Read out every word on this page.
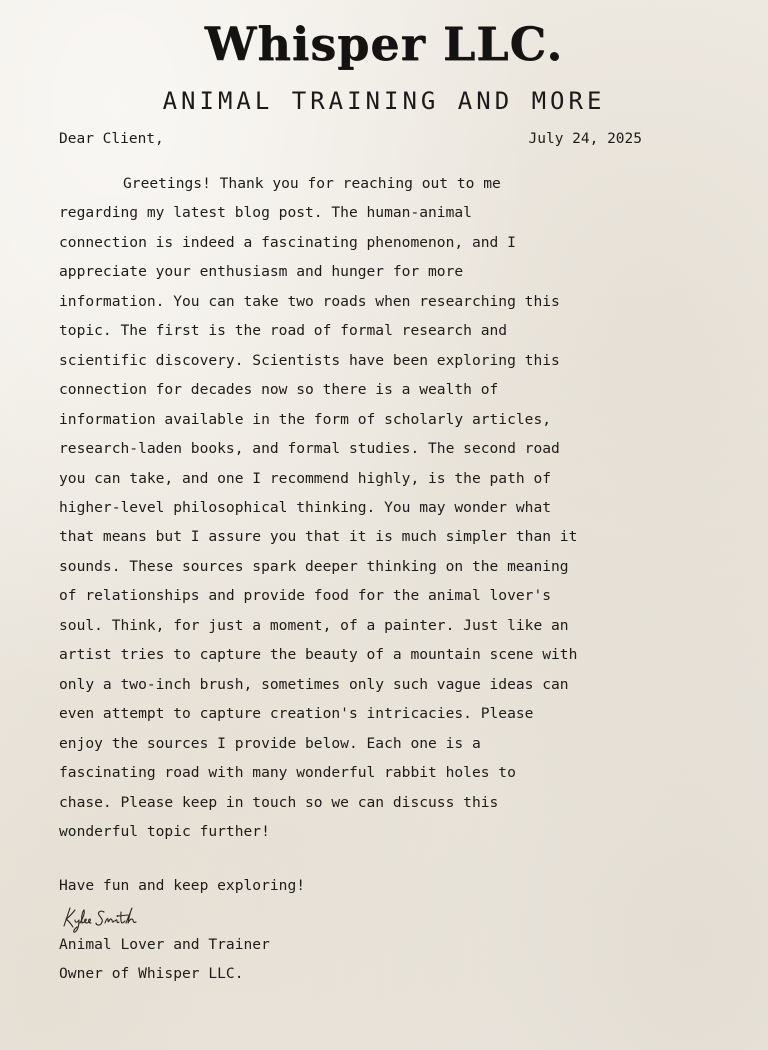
Whisper LLC.
ANIMAL TRAINING AND MORE
Dear Client,	July 24, 2025
Greetings! Thank you for reaching out to me
regarding my latest blog post. The human-animal
connection is indeed a fascinating phenomenon, and I
appreciate your enthusiasm and hunger for more
information. You can take two roads when researching this
topic. The first is the road of formal research and
scientific discovery. Scientists have been exploring this
connection for decades now so there is a wealth of
information available in the form of scholarly articles,
research-laden books, and formal studies. The second road
you can take, and one I recommend highly, is the path of
higher-level philosophical thinking. You may wonder what
that means but I assure you that it is much simpler than it
sounds. These sources spark deeper thinking on the meaning
of relationships and provide food for the animal lover's
soul. Think, for just a moment, of a painter. Just like an
artist tries to capture the beauty of a mountain scene with
only a two-inch brush, sometimes only such vague ideas can
even attempt to capture creation's intricacies. Please
enjoy the sources I provide below. Each one is a
fascinating road with many wonderful rabbit holes to
chase. Please keep in touch so we can discuss this
wonderful topic further!
Have fun and keep exploring!
Animal Lover and Trainer
Owner of Whisper LLC.
